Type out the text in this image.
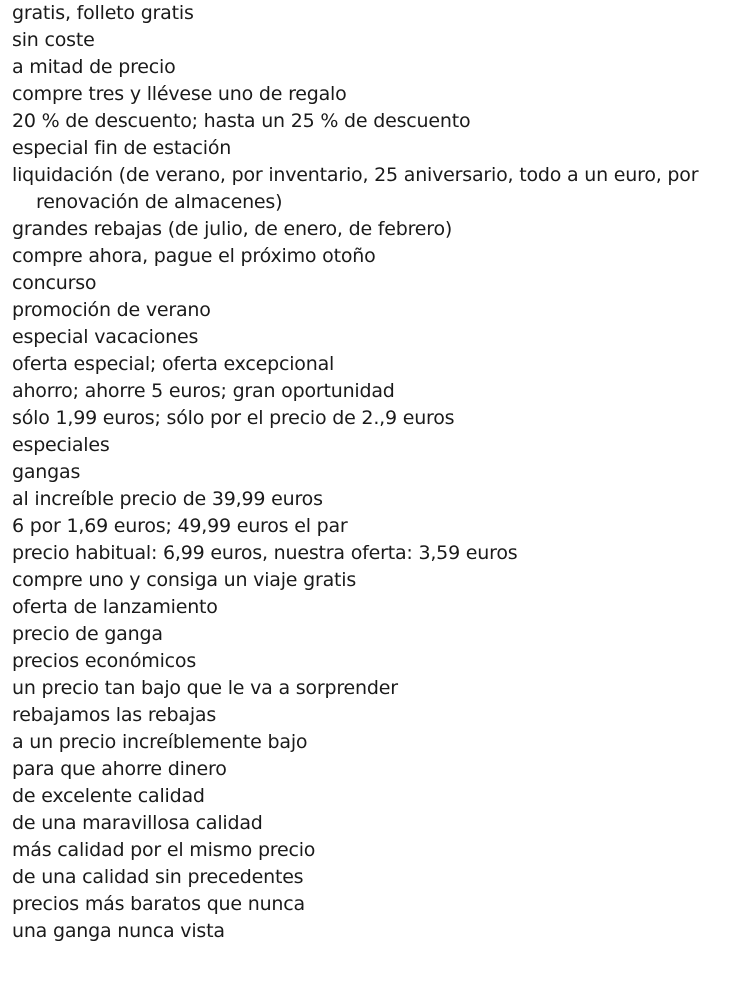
gratis, folleto gratis
sin coste
a mitad de precio
compre tres y llévese uno de regalo
20 % de descuento; hasta un 25 % de descuento
especial fin de estación
liquidación (de verano, por inventario, 25 aniversario, todo a un euro, por renovación de almacenes)
grandes rebajas (de julio, de enero, de febrero)
compre ahora, pague el próximo otoño
concurso
promoción de verano
especial vacaciones
oferta especial; oferta excepcional
ahorro; ahorre 5 euros; gran oportunidad
sólo 1,99 euros; sólo por el precio de 2.,9 euros
especiales
gangas
al increíble precio de 39,99 euros
6 por 1,69 euros; 49,99 euros el par
precio habitual: 6,99 euros, nuestra oferta: 3,59 euros
compre uno y consiga un viaje gratis
oferta de lanzamiento
precio de ganga
precios económicos
un precio tan bajo que le va a sorprender
rebajamos las rebajas
a un precio increíblemente bajo
para que ahorre dinero
de excelente calidad
de una maravillosa calidad
más calidad por el mismo precio
de una calidad sin precedentes
precios más baratos que nunca
una ganga nunca vista
